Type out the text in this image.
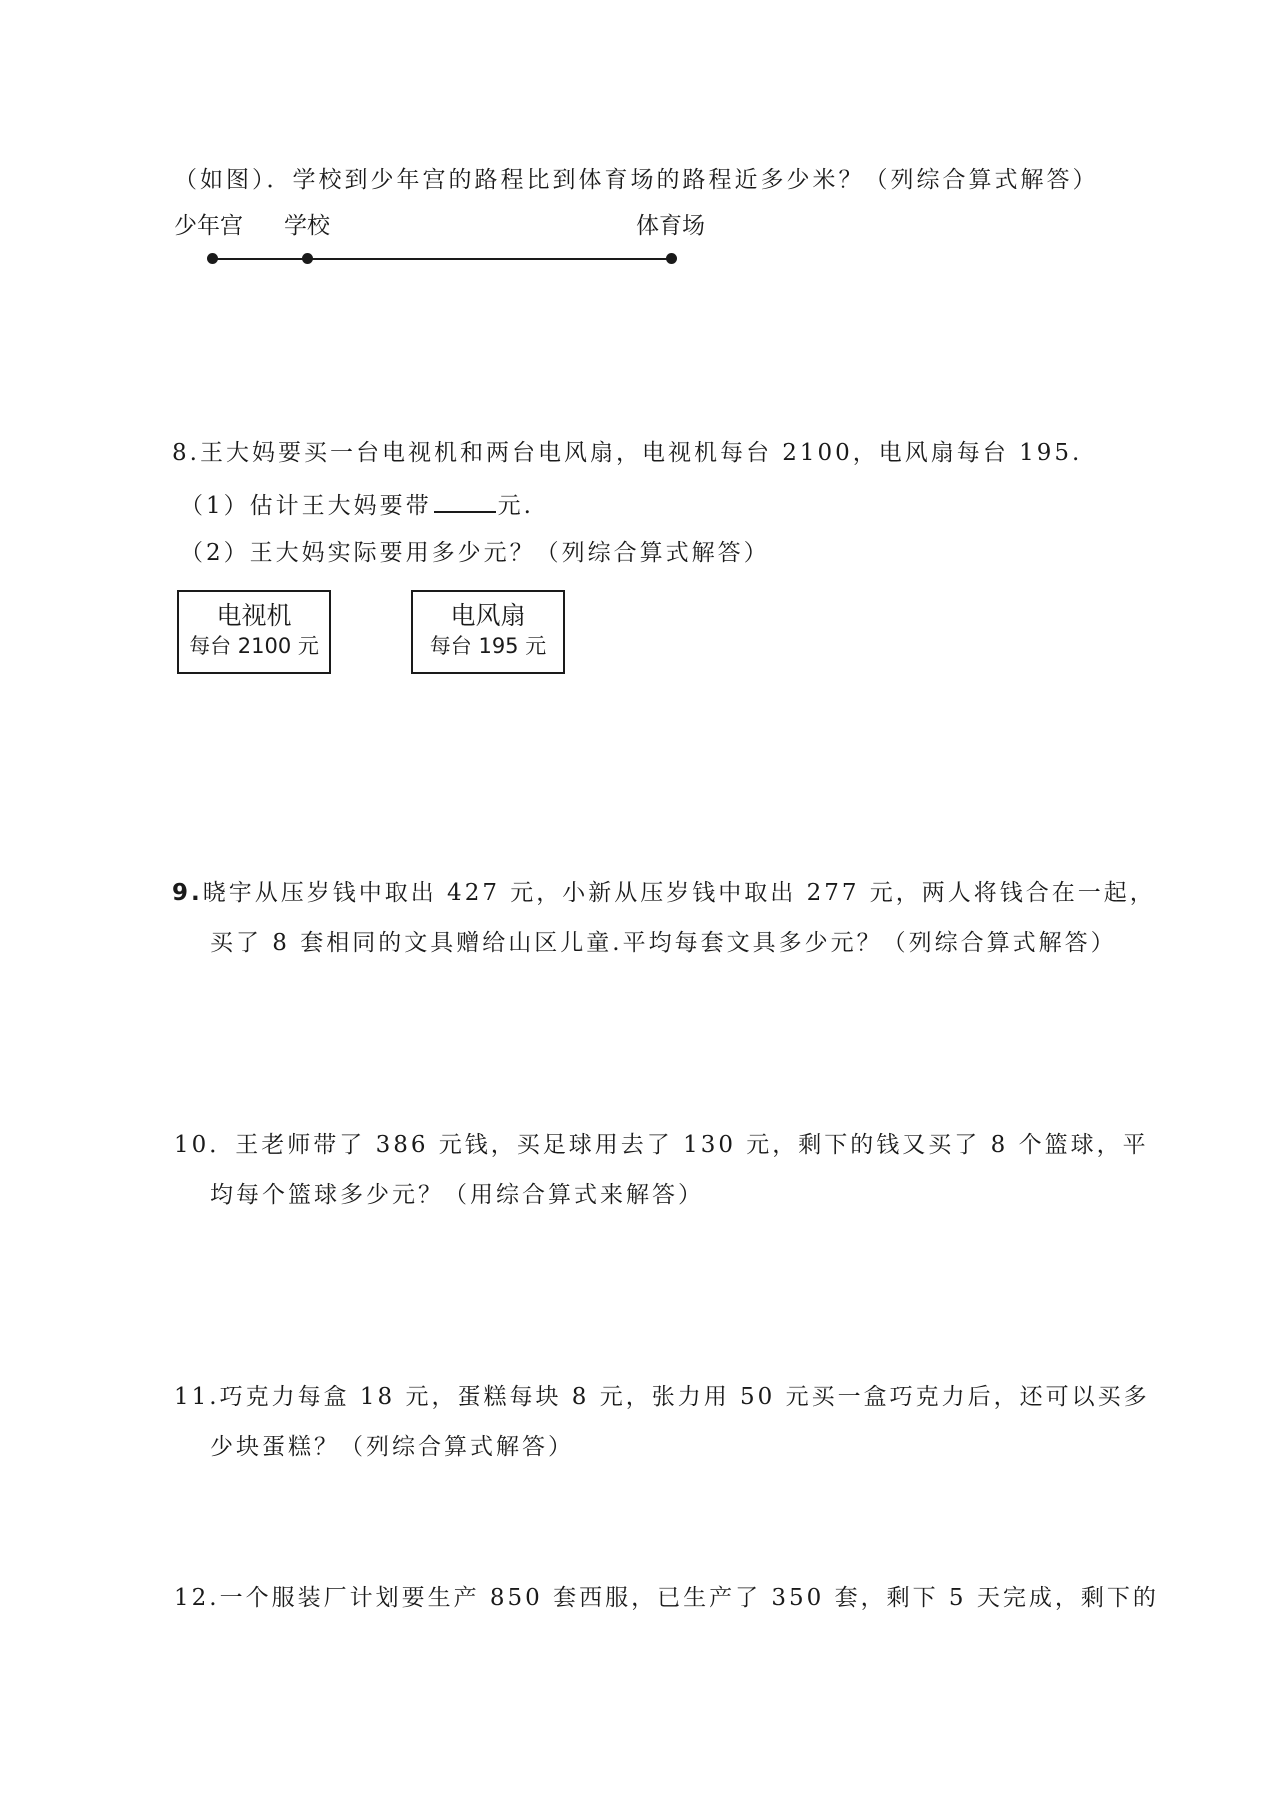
（如图）．学校到少年宫的路程比到体育场的路程近多少米？（列综合算式解答）
少年宫 学校	体育场
8.王大妈要买一台电视机和两台电风扇，电视机每台 2100，电风扇每台 195.
（1）估计王大妈要带	元.
（2）王大妈实际要用多少元？（列综合算式解答）
电视机
每台 2100 元
电风扇
每台 195 元
9.晓宇从压岁钱中取出 427 元，小新从压岁钱中取出 277 元，两人将钱合在一起，
买了 8 套相同的文具赠给山区儿童.平均每套文具多少元？（列综合算式解答）
10．王老师带了 386 元钱，买足球用去了 130 元，剩下的钱又买了 8 个篮球，平
均每个篮球多少元？（用综合算式来解答）
11.巧克力每盒 18 元，蛋糕每块 8 元，张力用 50 元买一盒巧克力后，还可以买多
少块蛋糕？（列综合算式解答）
12.一个服装厂计划要生产 850 套西服，已生产了 350 套，剩下 5 天完成，剩下的
